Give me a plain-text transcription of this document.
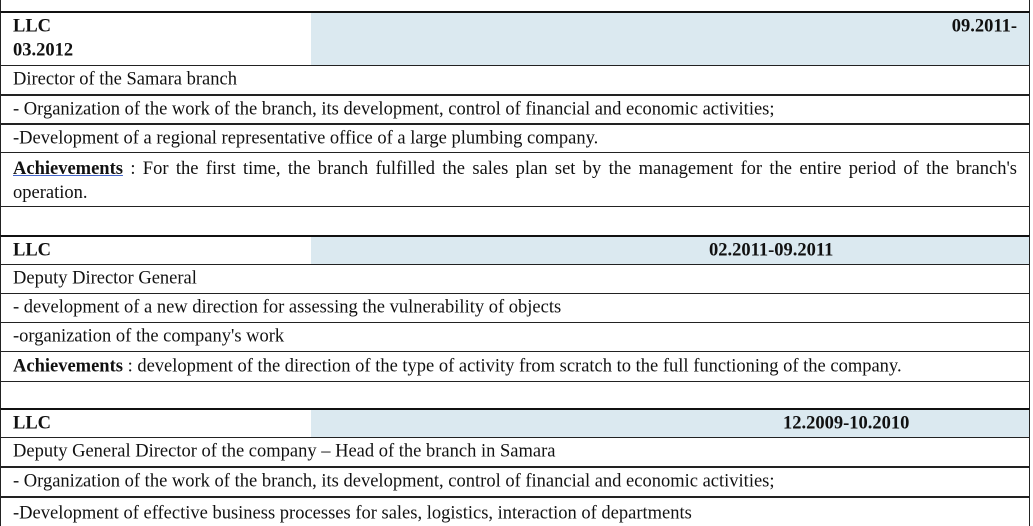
LLC	09.2011-
03.2012
Director of the Samara branch
- Organization of the work of the branch, its development, control of financial and economic activities;
-Development of a regional representative office of a large plumbing company.
Achievements : For the first time, the branch fulfilled the sales plan set by the management for the entire period of the branch's operation.
LLC	02.2011-09.2011
Deputy Director General
- development of a new direction for assessing the vulnerability of objects
-organization of the company's work
Achievements : development of the direction of the type of activity from scratch to the full functioning of the company.
LLC	12.2009-10.2010
Deputy General Director of the company – Head of the branch in Samara
- Organization of the work of the branch, its development, control of financial and economic activities;
-Development of effective business processes for sales, logistics, interaction of departments
